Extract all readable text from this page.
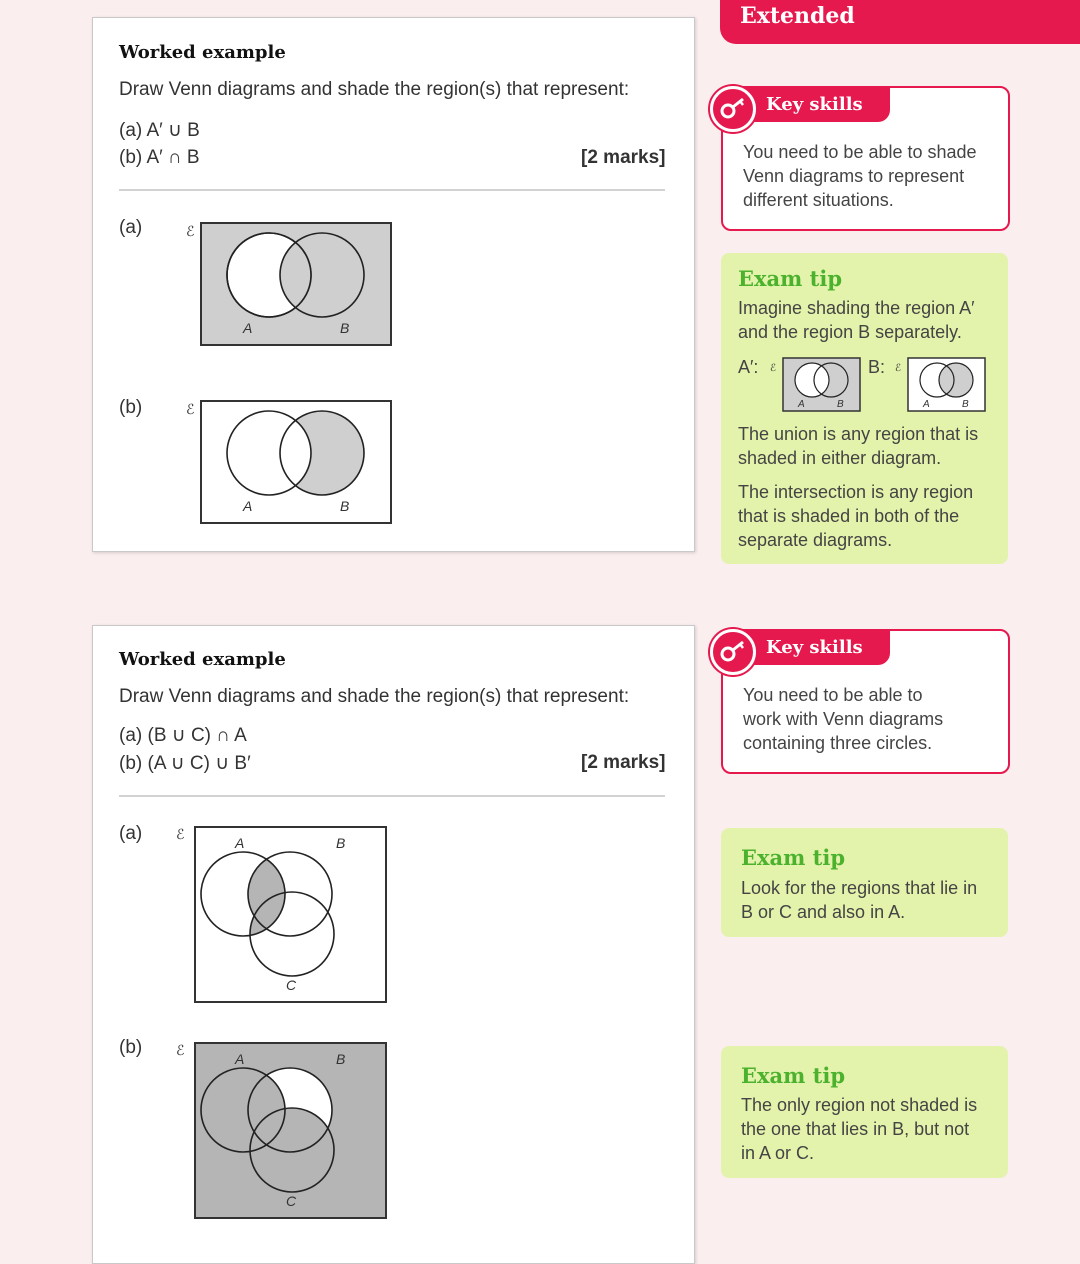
Extended
Worked example
Draw Venn diagrams and shade the region(s) that represent:
(a) A′ ∪ B
(b) A′ ∩ B	[2 marks]
(a)
(b)
ℰ
A	B
ℰ
A	B
Key skills
You need to be able to shade
Venn diagrams to represent
different situations.
Exam tip
Imagine shading the region A′
and the region B separately.
A′:	B:
ℰ
A	B
ℰ
A	B
The union is any region that is
shaded in either diagram.
The intersection is any region
that is shaded in both of the
separate diagrams.
Worked example
Draw Venn diagrams and shade the region(s) that represent:
(a) (B ∪ C) ∩ A
(b) (A ∪ C) ∪ B′	[2 marks]
(a)
(b)
ℰ
A	B
C
ℰ
A	B
C
Key skills
You need to be able to
work with Venn diagrams
containing three circles.
Exam tip
Look for the regions that lie in
B or C and also in A.
Exam tip
The only region not shaded is
the one that lies in B, but not
in A or C.
